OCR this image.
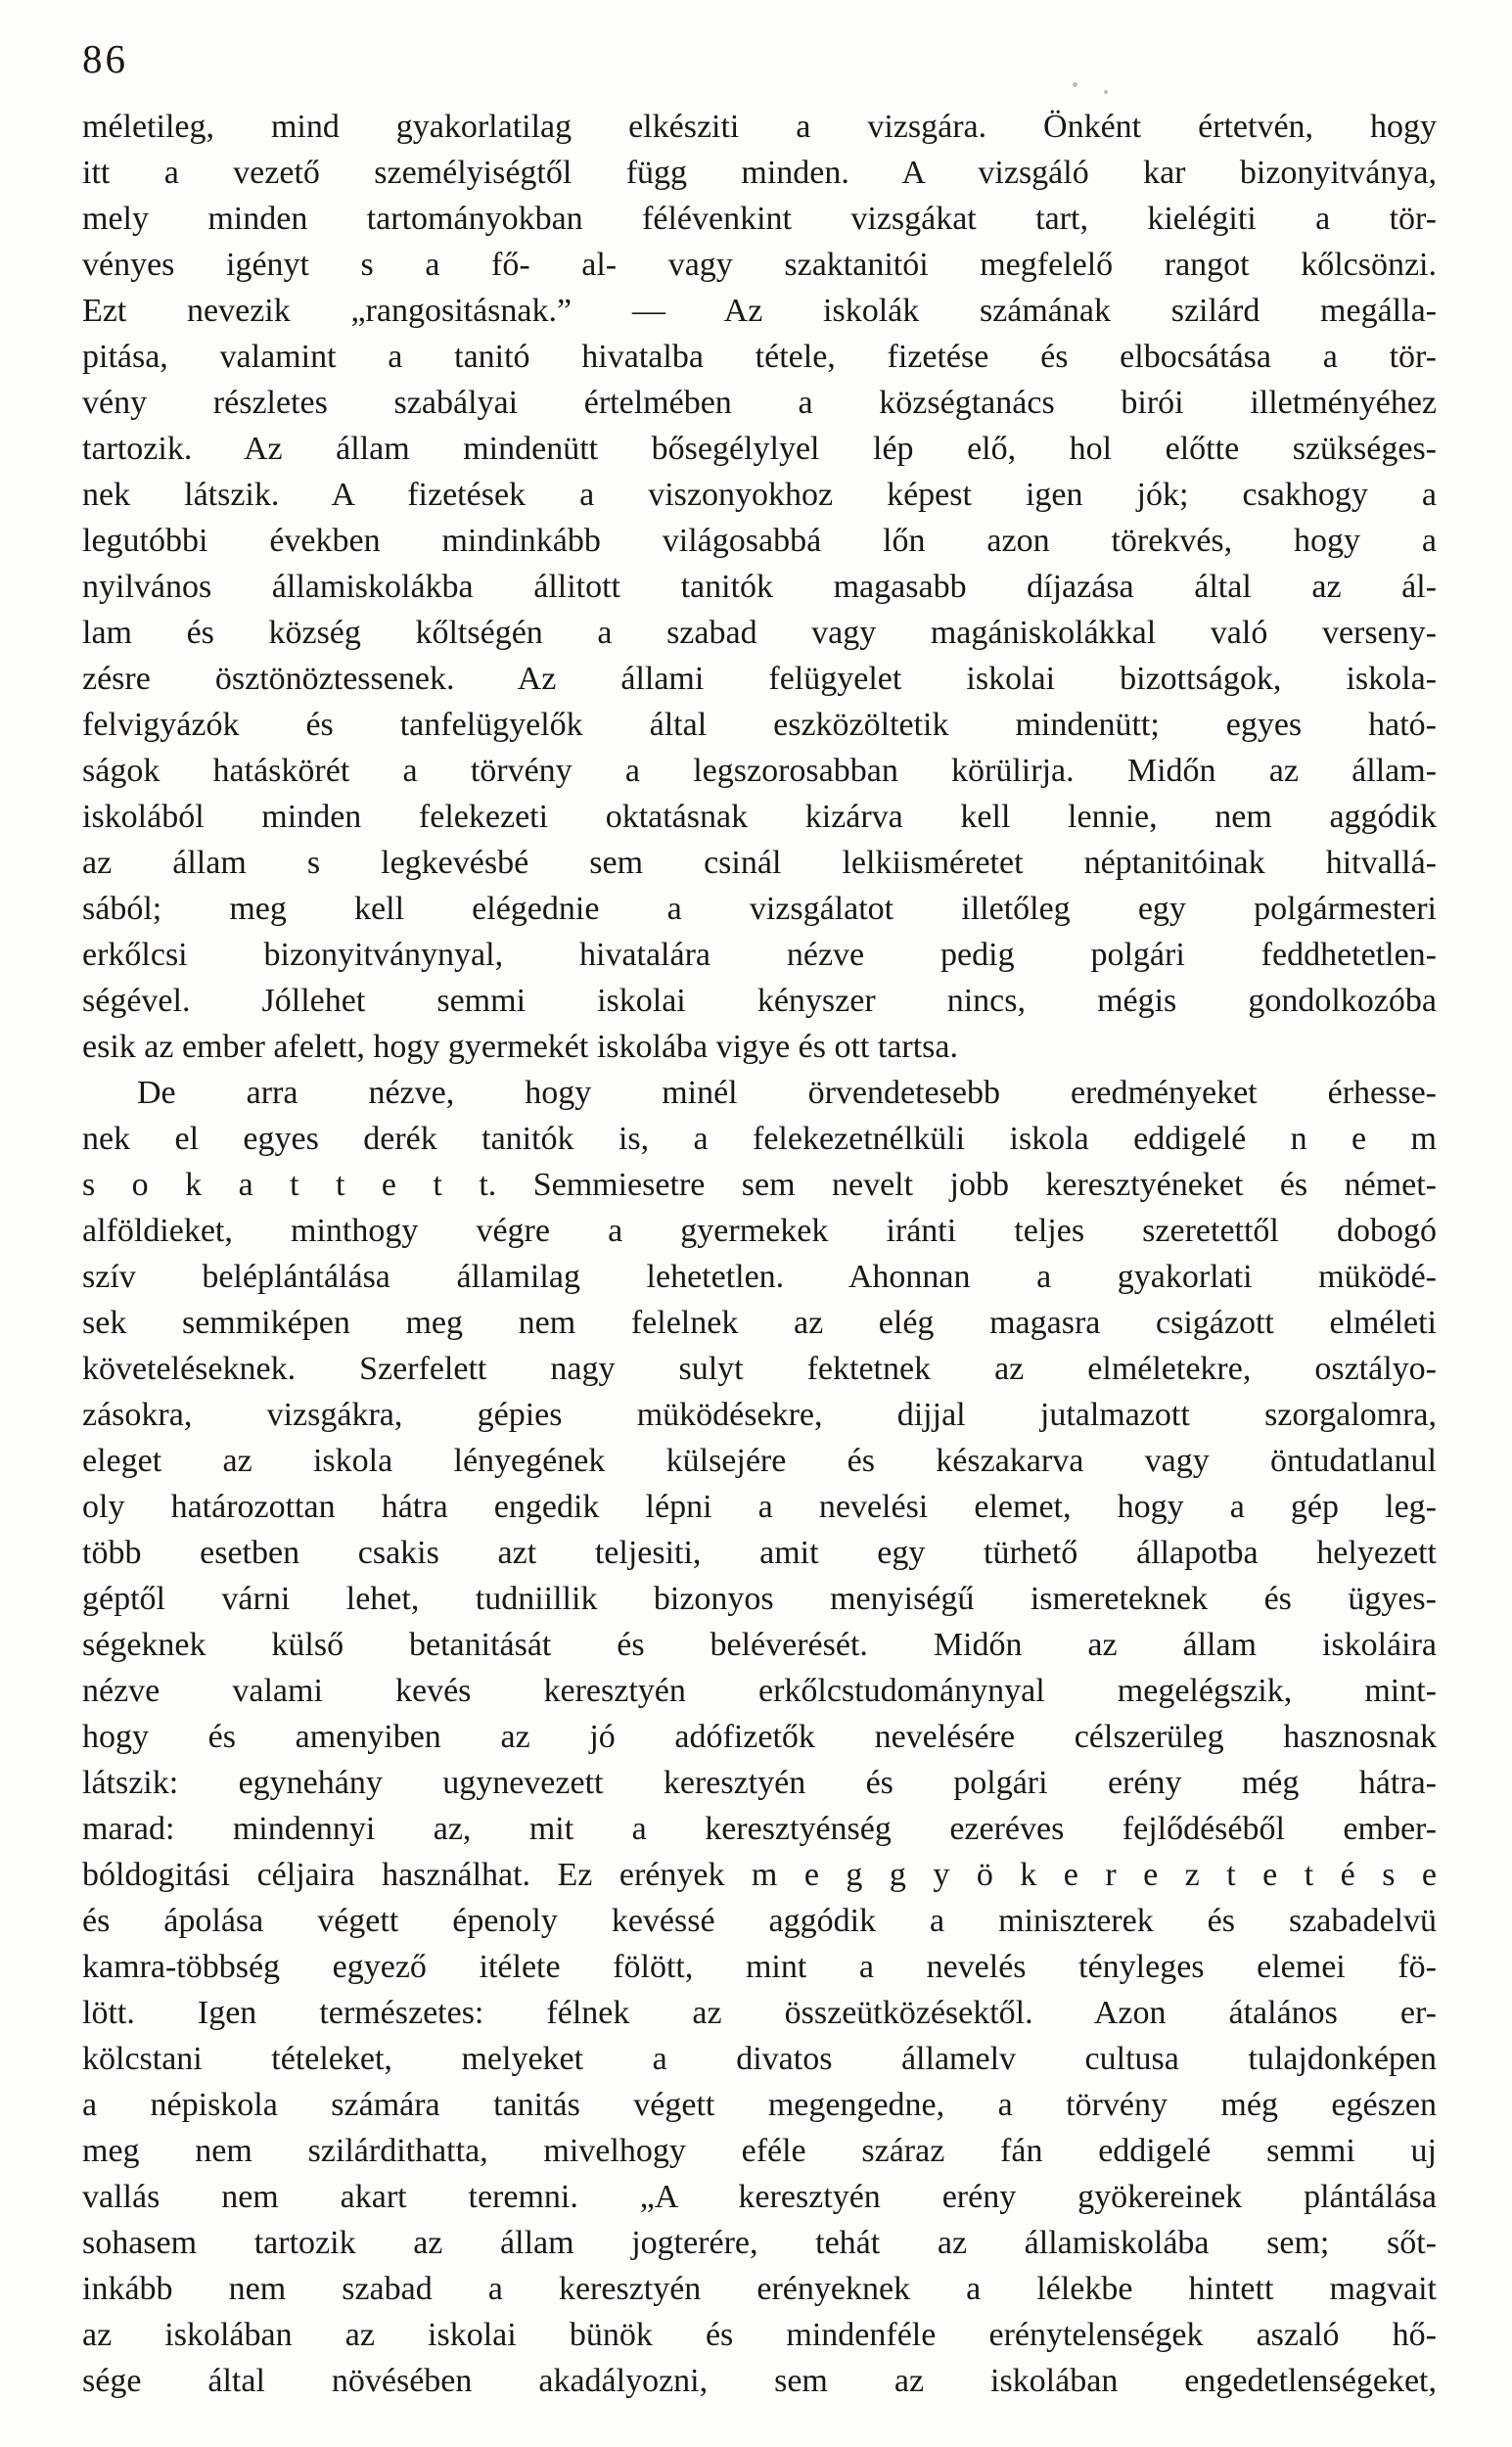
86

méletileg, mind gyakorlatilag elkésziti a vizsgára. Önként értetvén, hogy
itt a vezető személyiségtől függ minden. A vizsgáló kar bizonyitványa,
mely minden tartományokban félévenkint vizsgákat tart, kielégiti a tör-
vényes igényt s a fő- al- vagy szaktanitói megfelelő rangot kőlcsönzi.
Ezt nevezik „rangositásnak.” — Az iskolák számának szilárd megálla-
pitása, valamint a tanitó hivatalba tétele, fizetése és elbocsátása a tör-
vény részletes szabályai értelmében a községtanács birói illetményéhez
tartozik. Az állam mindenütt bősegélylyel lép elő, hol előtte szükséges-
nek látszik. A fizetések a viszonyokhoz képest igen jók; csakhogy a
legutóbbi években mindinkább világosabbá lőn azon törekvés, hogy a
nyilvános államiskolákba állitott tanitók magasabb díjazása által az ál-
lam és község kőltségén a szabad vagy magániskolákkal való verseny-
zésre ösztönöztessenek. Az állami felügyelet iskolai bizottságok, iskola-
felvigyázók és tanfelügyelők által eszközöltetik mindenütt; egyes ható-
ságok hatáskörét a törvény a legszorosabban körülirja. Midőn az állam-
iskolából minden felekezeti oktatásnak kizárva kell lennie, nem aggódik
az állam s legkevésbé sem csinál lelkiisméretet néptanitóinak hitvallá-
sából; meg kell elégednie a vizsgálatot illetőleg egy polgármesteri
erkőlcsi bizonyitványnyal, hivatalára nézve pedig polgári feddhetetlen-
ségével. Jóllehet semmi iskolai kényszer nincs, mégis gondolkozóba
esik az ember afelett, hogy gyermekét iskolába vigye és ott tartsa.

De arra nézve, hogy minél örvendetesebb eredményeket érhesse-
nek el egyes derék tanitók is, a felekezetnélküli iskola eddigelé n e m
s o k a t t e t t. Semmiesetre sem nevelt jobb keresztyéneket és német-
alföldieket, minthogy végre a gyermekek iránti teljes szeretettől dobogó
szív beléplántálása államilag lehetetlen. Ahonnan a gyakorlati müködé-
sek semmiképen meg nem felelnek az elég magasra csigázott elméleti
követeléseknek. Szerfelett nagy sulyt fektetnek az elméletekre, osztályo-
zásokra, vizsgákra, gépies müködésekre, dijjal jutalmazott szorgalomra,
eleget az iskola lényegének külsejére és készakarva vagy öntudatlanul
oly határozottan hátra engedik lépni a nevelési elemet, hogy a gép leg-
több esetben csakis azt teljesiti, amit egy türhető állapotba helyezett
géptől várni lehet, tudniillik bizonyos menyiségű ismereteknek és ügyes-
ségeknek külső betanitását és beléverését. Midőn az állam iskoláira
nézve valami kevés keresztyén erkőlcstudománynyal megelégszik, mint-
hogy és amenyiben az jó adófizetők nevelésére célszerüleg hasznosnak
látszik: egynehány ugynevezett keresztyén és polgári erény még hátra-
marad: mindennyi az, mit a keresztyénség ezeréves fejlődéséből ember-
bóldogitási céljaira használhat. Ez erények m e g g y ö k e r e z t e t é s e
és ápolása végett épenoly kevéssé aggódik a miniszterek és szabadelvü
kamra-többség egyező itélete fölött, mint a nevelés tényleges elemei fö-
lött. Igen természetes: félnek az összeütközésektől. Azon átalános er-
kölcstani tételeket, melyeket a divatos államelv cultusa tulajdonképen
a népiskola számára tanitás végett megengedne, a törvény még egészen
meg nem szilárdithatta, mivelhogy eféle száraz fán eddigelé semmi uj
vallás nem akart teremni. „A keresztyén erény gyökereinek plántálása
sohasem tartozik az állam jogterére, tehát az államiskolába sem; sőt-
inkább nem szabad a keresztyén erényeknek a lélekbe hintett magvait
az iskolában az iskolai bünök és mindenféle erénytelenségek aszaló hő-
sége által növésében akadályozni, sem az iskolában engedetlenségeket,
